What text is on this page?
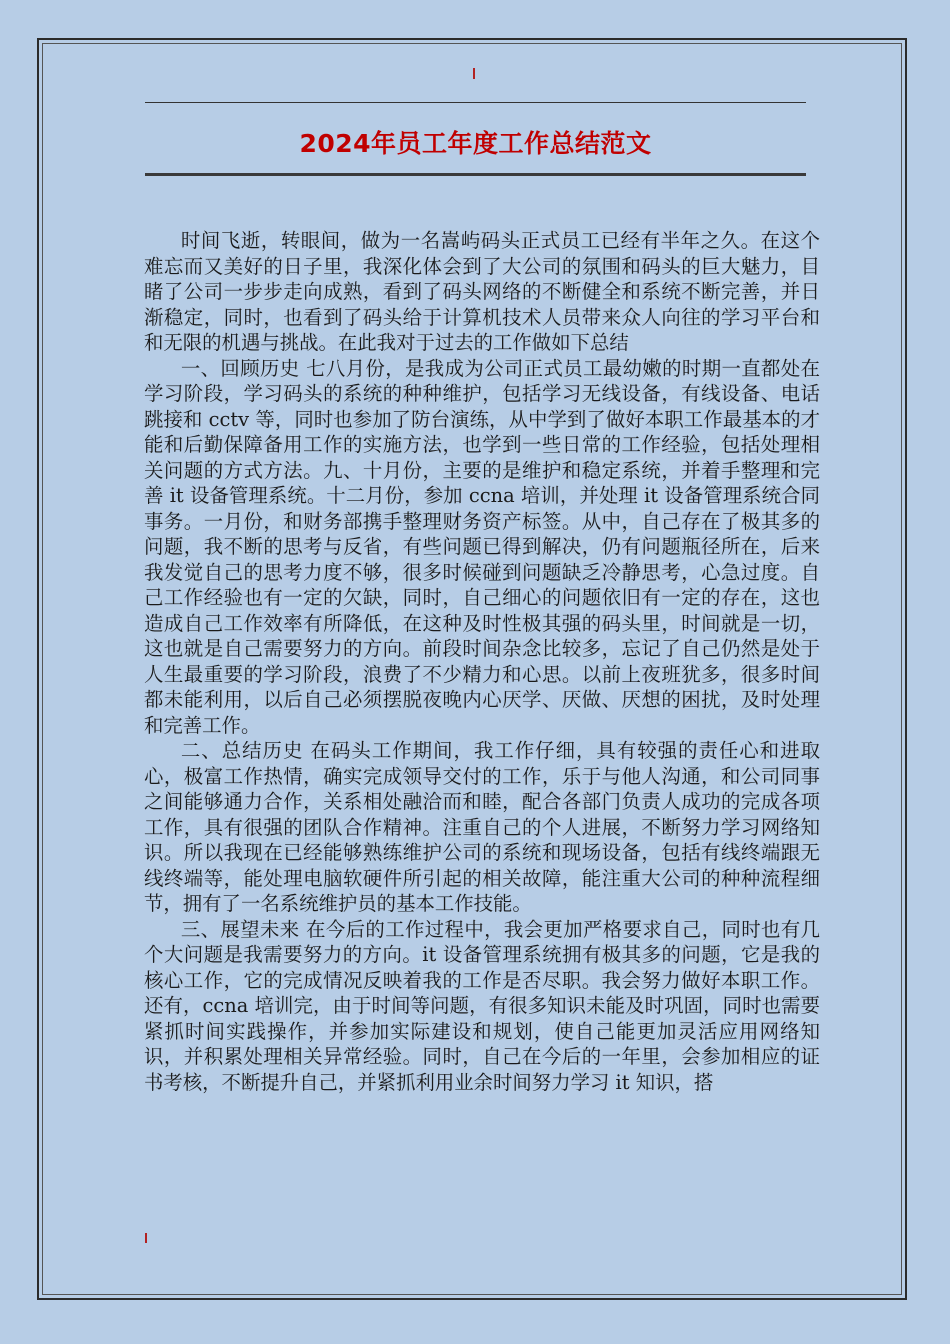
2024年员工年度工作总结范文

时间飞逝，转眼间，做为一名嵩屿码头正式员工已经有半年之久。在这个难忘而又美好的日子里，我深化体会到了大公司的氛围和码头的巨大魅力，目睹了公司一步步走向成熟，看到了码头网络的不断健全和系统不断完善，并日渐稳定，同时，也看到了码头给于计算机技术人员带来众人向往的学习平台和和无限的机遇与挑战。在此我对于过去的工作做如下总结

一、回顾历史 七八月份，是我成为公司正式员工最幼嫩的时期一直都处在学习阶段，学习码头的系统的种种维护，包括学习无线设备，有线设备、电话跳接和 cctv 等，同时也参加了防台演练，从中学到了做好本职工作最基本的才能和后勤保障备用工作的实施方法，也学到一些日常的工作经验，包括处理相关问题的方式方法。九、十月份，主要的是维护和稳定系统，并着手整理和完善 it 设备管理系统。十二月份，参加 ccna 培训，并处理 it 设备管理系统合同事务。一月份，和财务部携手整理财务资产标签。从中，自己存在了极其多的问题，我不断的思考与反省，有些问题已得到解决，仍有问题瓶径所在，后来我发觉自己的思考力度不够，很多时候碰到问题缺乏冷静思考，心急过度。自己工作经验也有一定的欠缺，同时，自己细心的问题依旧有一定的存在，这也造成自己工作效率有所降低，在这种及时性极其强的码头里，时间就是一切，这也就是自己需要努力的方向。前段时间杂念比较多，忘记了自己仍然是处于人生最重要的学习阶段，浪费了不少精力和心思。以前上夜班犹多，很多时间都未能利用，以后自己必须摆脱夜晚内心厌学、厌做、厌想的困扰，及时处理和完善工作。

二、总结历史 在码头工作期间，我工作仔细，具有较强的责任心和进取心，极富工作热情，确实完成领导交付的工作，乐于与他人沟通，和公司同事之间能够通力合作，关系相处融洽而和睦，配合各部门负责人成功的完成各项工作，具有很强的团队合作精神。注重自己的个人进展，不断努力学习网络知识。所以我现在已经能够熟练维护公司的系统和现场设备，包括有线终端跟无线终端等，能处理电脑软硬件所引起的相关故障，能注重大公司的种种流程细节，拥有了一名系统维护员的基本工作技能。

三、展望未来 在今后的工作过程中，我会更加严格要求自己，同时也有几个大问题是我需要努力的方向。it 设备管理系统拥有极其多的问题，它是我的核心工作，它的完成情况反映着我的工作是否尽职。我会努力做好本职工作。还有，ccna 培训完，由于时间等问题，有很多知识未能及时巩固，同时也需要紧抓时间实践操作，并参加实际建设和规划，使自己能更加灵活应用网络知识，并积累处理相关异常经验。同时，自己在今后的一年里，会参加相应的证书考核，不断提升自己，并紧抓利用业余时间努力学习 it 知识，搭
